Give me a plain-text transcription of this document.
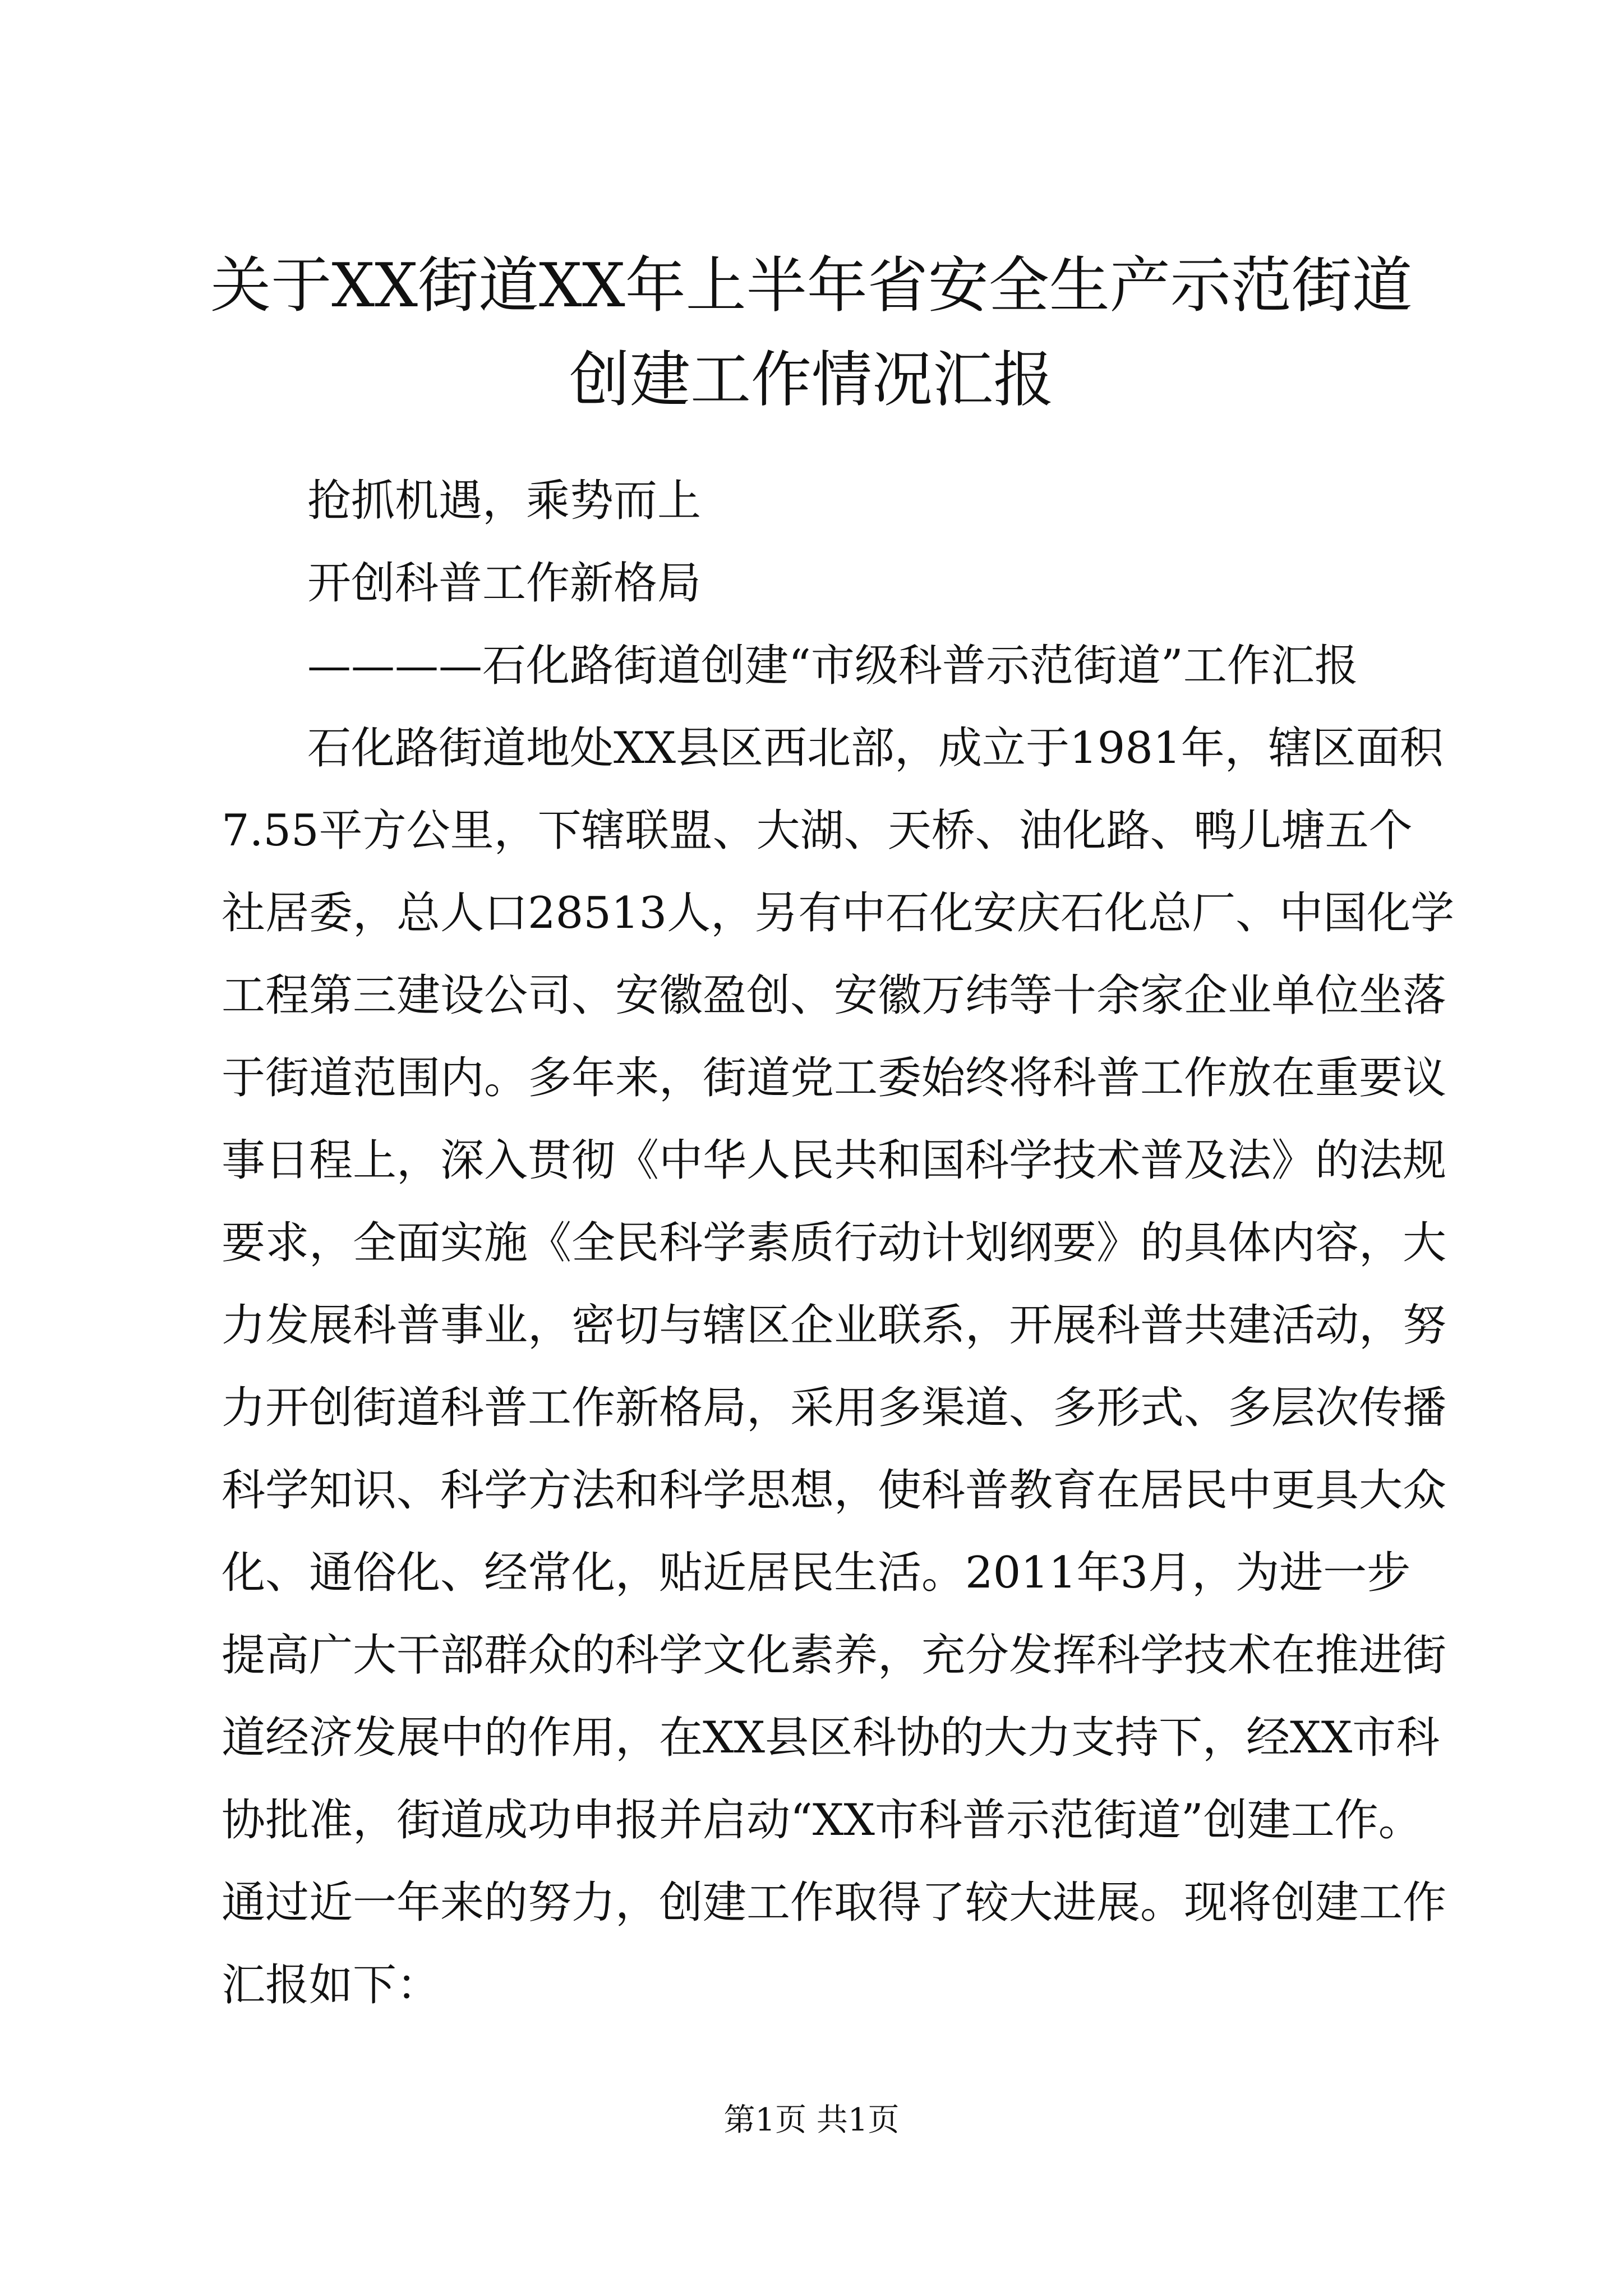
关于XX街道XX年上半年省安全生产示范街道
创建工作情况汇报

抢抓机遇，乘势而上

开创科普工作新格局

————石化路街道创建“市级科普示范街道”工作汇报

石化路街道地处XX县区西北部，成立于1981年，辖区面积

7.55平方公里，下辖联盟、大湖、天桥、油化路、鸭儿塘五个

社居委，总人口28513人，另有中石化安庆石化总厂、中国化学

工程第三建设公司、安徽盈创、安徽万纬等十余家企业单位坐落

于街道范围内。多年来，街道党工委始终将科普工作放在重要议

事日程上，深入贯彻《中华人民共和国科学技术普及法》的法规

要求，全面实施《全民科学素质行动计划纲要》的具体内容，大

力发展科普事业，密切与辖区企业联系，开展科普共建活动，努

力开创街道科普工作新格局，采用多渠道、多形式、多层次传播

科学知识、科学方法和科学思想，使科普教育在居民中更具大众

化、通俗化、经常化，贴近居民生活。2011年3月，为进一步

提高广大干部群众的科学文化素养，充分发挥科学技术在推进街

道经济发展中的作用，在XX县区科协的大力支持下，经XX市科

协批准，街道成功申报并启动“XX市科普示范街道”创建工作。

通过近一年来的努力，创建工作取得了较大进展。现将创建工作

汇报如下：

第1页 共1页
